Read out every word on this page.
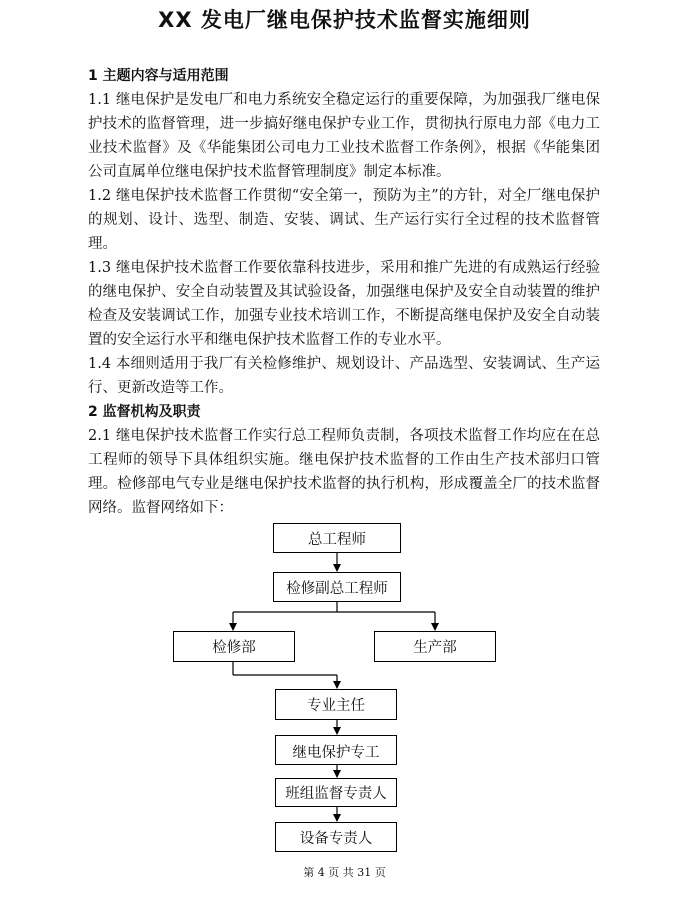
XX 发电厂继电保护技术监督实施细则
1 主题内容与适用范围
1.1 继电保护是发电厂和电力系统安全稳定运行的重要保障，为加强我厂继电保护技术的监督管理，进一步搞好继电保护专业工作，贯彻执行原电力部《电力工业技术监督》及《华能集团公司电力工业技术监督工作条例》，根据《华能集团公司直属单位继电保护技术监督管理制度》制定本标准。
1.2 继电保护技术监督工作贯彻“安全第一，预防为主”的方针，对全厂继电保护的规划、设计、选型、制造、安装、调试、生产运行实行全过程的技术监督管理。
1.3 继电保护技术监督工作要依靠科技进步，采用和推广先进的有成熟运行经验的继电保护、安全自动装置及其试验设备，加强继电保护及安全自动装置的维护检查及安装调试工作，加强专业技术培训工作，不断提高继电保护及安全自动装置的安全运行水平和继电保护技术监督工作的专业水平。
1.4 本细则适用于我厂有关检修维护、规划设计、产品选型、安装调试、生产运行、更新改造等工作。
2 监督机构及职责
2.1 继电保护技术监督工作实行总工程师负责制，各项技术监督工作均应在在总工程师的领导下具体组织实施。继电保护技术监督的工作由生产技术部归口管理。检修部电气专业是继电保护技术监督的执行机构，形成覆盖全厂的技术监督网络。监督网络如下：
总工程师
检修副总工程师
检修部	生产部
专业主任
继电保护专工
班组监督专责人
设备专责人
第 4 页 共 31 页
